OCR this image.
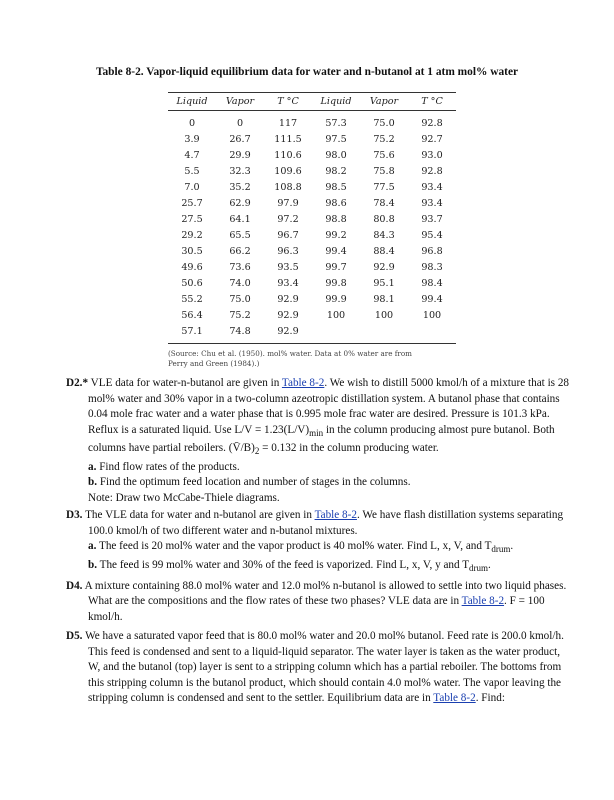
Table 8-2. Vapor-liquid equilibrium data for water and n-butanol at 1 atm mol% water
Liquid	Vapor	T °C	Liquid	Vapor	T °C
0	0	117	57.3	75.0	92.8
3.9	26.7	111.5	97.5	75.2	92.7
4.7	29.9	110.6	98.0	75.6	93.0
5.5	32.3	109.6	98.2	75.8	92.8
7.0	35.2	108.8	98.5	77.5	93.4
25.7	62.9	97.9	98.6	78.4	93.4
27.5	64.1	97.2	98.8	80.8	93.7
29.2	65.5	96.7	99.2	84.3	95.4
30.5	66.2	96.3	99.4	88.4	96.8
49.6	73.6	93.5	99.7	92.9	98.3
50.6	74.0	93.4	99.8	95.1	98.4
55.2	75.0	92.9	99.9	98.1	99.4
56.4	75.2	92.9	100	100	100
57.1	74.8	92.9
(Source: Chu et al. (1950). mol% water. Data at 0% water are from Perry and Green (1984).)

D2.* VLE data for water-n-butanol are given in Table 8-2. We wish to distill 5000 kmol/h of a mixture that is 28 mol% water and 30% vapor in a two-column azeotropic distillation system. A butanol phase that contains 0.04 mole frac water and a water phase that is 0.995 mole frac water are desired. Pressure is 101.3 kPa. Reflux is a saturated liquid. Use $L/V = 1.23(L/V)_{min}$ in the column producing almost pure butanol. Both columns have partial reboilers. $(V̄/B)_2 = 0.132$ in the column producing water.

a. Find flow rates of the products.

b. Find the optimum feed location and number of stages in the columns.

Note: Draw two McCabe-Thiele diagrams.

D3. The VLE data for water and n-butanol are given in Table 8-2. We have flash distillation systems separating 100.0 kmol/h of two different water and n-butanol mixtures.

a. The feed is 20 mol% water and the vapor product is 40 mol% water. Find L, x, V, and $T_{drum}$.

b. The feed is 99 mol% water and 30% of the feed is vaporized. Find L, x, V, y and $T_{drum}$.

D4. A mixture containing 88.0 mol% water and 12.0 mol% n-butanol is allowed to settle into two liquid phases. What are the compositions and the flow rates of these two phases? VLE data are in Table 8-2. F = 100 kmol/h.

D5. We have a saturated vapor feed that is 80.0 mol% water and 20.0 mol% butanol. Feed rate is 200.0 kmol/h. This feed is condensed and sent to a liquid-liquid separator. The water layer is taken as the water product, W, and the butanol (top) layer is sent to a stripping column which has a partial reboiler. The bottoms from this stripping column is the butanol product, which should contain 4.0 mol% water. The vapor leaving the stripping column is condensed and sent to the settler. Equilibrium data are in Table 8-2. Find:
